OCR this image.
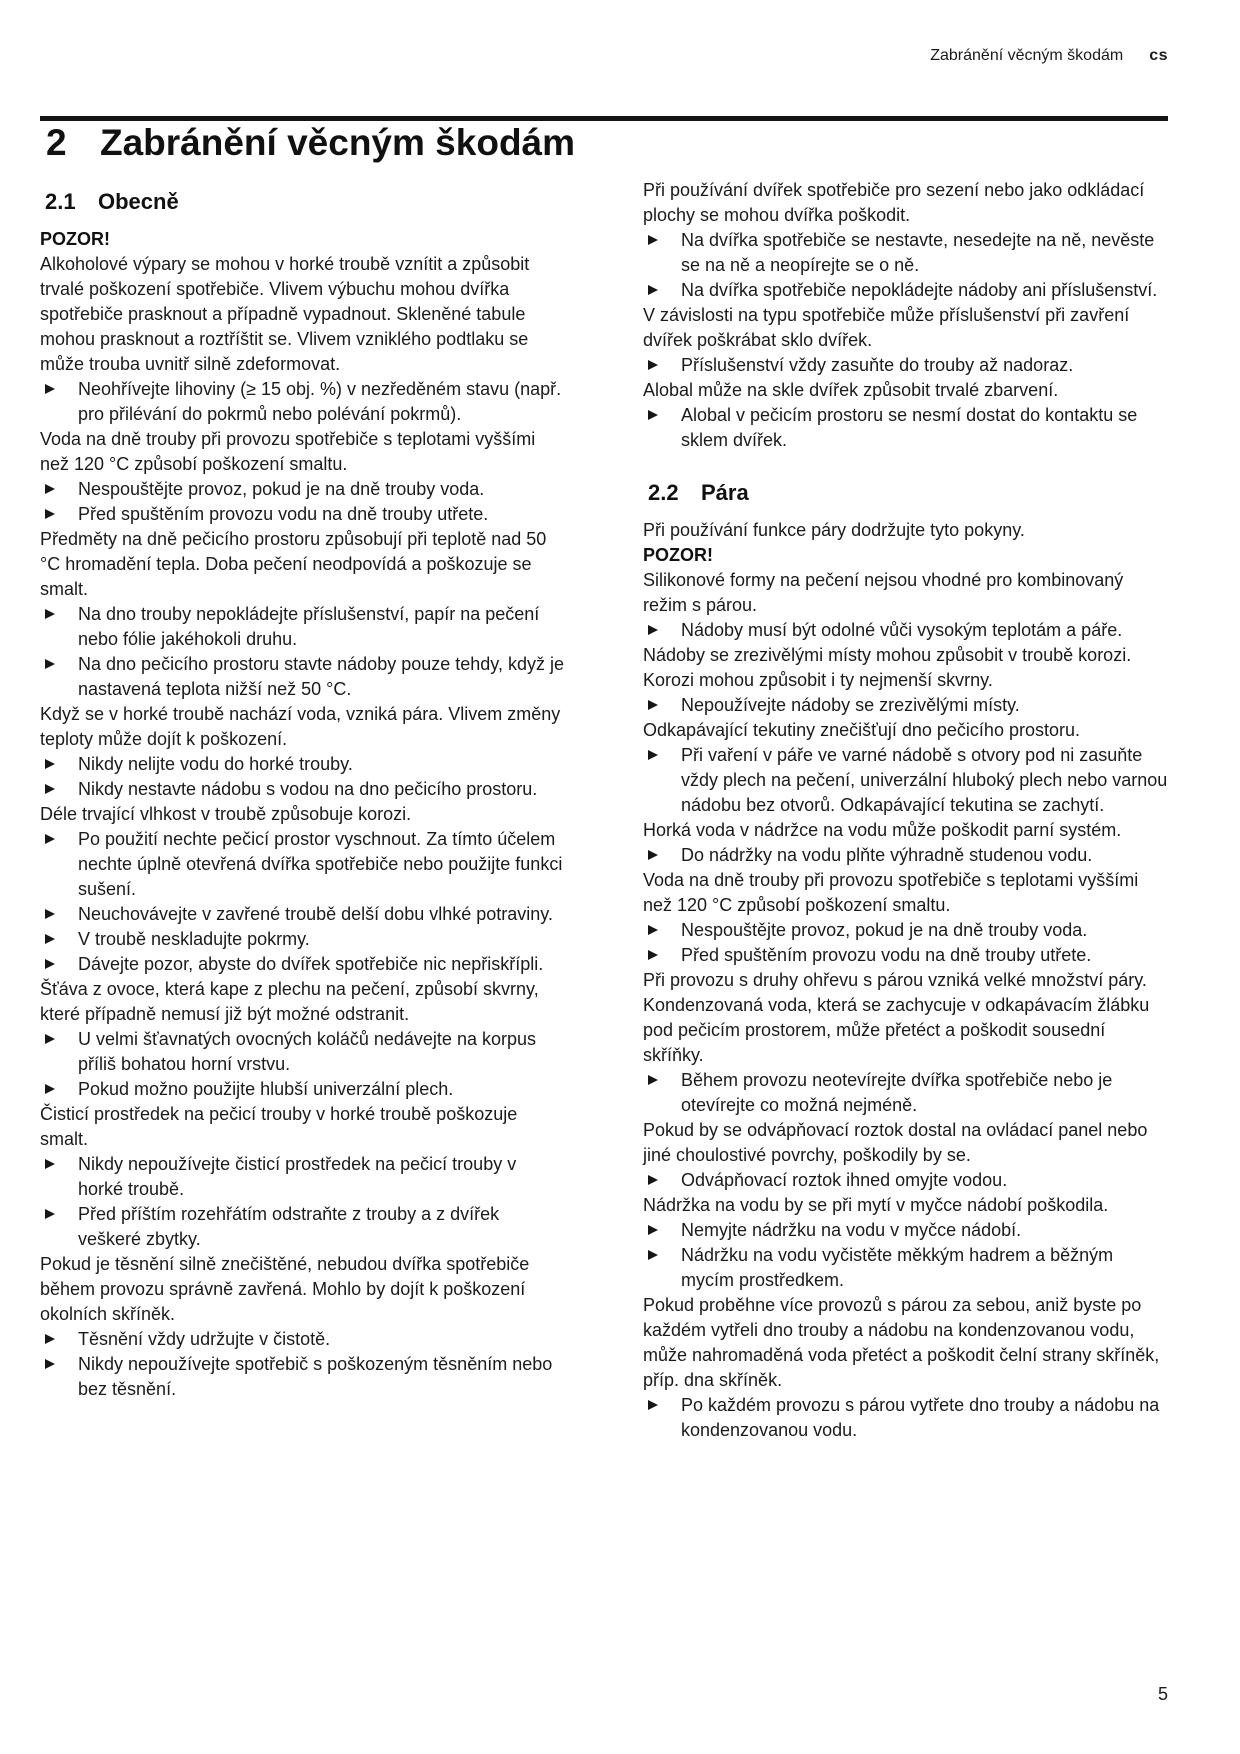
Zabránění věcným škodám cs
2 Zabránění věcným škodám
2.1 Obecně

POZOR!

Alkoholové výpary se mohou v horké troubě vznítit a způsobit trvalé poškození spotřebiče. Vlivem výbuchu mohou dvířka spotřebiče prasknout a případně vypadnout. Skleněné tabule mohou prasknout a roztříštit se. Vlivem vzniklého podtlaku se může trouba uvnitř silně zdeformovat.

Neohřívejte lihoviny (≥ 15 obj. %) v nezředěném stavu (např. pro přilévání do pokrmů nebo polévání pokrmů).

Voda na dně trouby při provozu spotřebiče s teplotami vyššími než 120 °C způsobí poškození smaltu.

Nespouštějte provoz, pokud je na dně trouby voda.
Před spuštěním provozu vodu na dně trouby utřete.

Předměty na dně pečicího prostoru způsobují při teplotě nad 50 °C hromadění tepla. Doba pečení neodpovídá a poškozuje se smalt.

Na dno trouby nepokládejte příslušenství, papír na pečení nebo fólie jakéhokoli druhu.
Na dno pečicího prostoru stavte nádoby pouze tehdy, když je nastavená teplota nižší než 50 °C.

Když se v horké troubě nachází voda, vzniká pára. Vlivem změny teploty může dojít k poškození.

Nikdy nelijte vodu do horké trouby.
Nikdy nestavte nádobu s vodou na dno pečicího prostoru.

Déle trvající vlhkost v troubě způsobuje korozi.

Po použití nechte pečicí prostor vyschnout. Za tímto účelem nechte úplně otevřená dvířka spotřebiče nebo použijte funkci sušení.
Neuchovávejte v zavřené troubě delší dobu vlhké potraviny.
V troubě neskladujte pokrmy.
Dávejte pozor, abyste do dvířek spotřebiče nic nepřiskřípli.

Šťáva z ovoce, která kape z plechu na pečení, způsobí skvrny, které případně nemusí již být možné odstranit.

U velmi šťavnatých ovocných koláčů nedávejte na korpus příliš bohatou horní vrstvu.
Pokud možno použijte hlubší univerzální plech.

Čisticí prostředek na pečicí trouby v horké troubě poškozuje smalt.

Nikdy nepoužívejte čisticí prostředek na pečicí trouby v horké troubě.
Před příštím rozehřátím odstraňte z trouby a z dvířek veškeré zbytky.

Pokud je těsnění silně znečištěné, nebudou dvířka spotřebiče během provozu správně zavřená. Mohlo by dojít k poškození okolních skříněk.

Těsnění vždy udržujte v čistotě.
Nikdy nepoužívejte spotřebič s poškozeným těsněním nebo bez těsnění.

Při používání dvířek spotřebiče pro sezení nebo jako odkládací plochy se mohou dvířka poškodit.

Na dvířka spotřebiče se nestavte, nesedejte na ně, nevěste se na ně a neopírejte se o ně.
Na dvířka spotřebiče nepokládejte nádoby ani příslušenství.

V závislosti na typu spotřebiče může příslušenství při zavření dvířek poškrábat sklo dvířek.

Příslušenství vždy zasuňte do trouby až nadoraz.

Alobal může na skle dvířek způsobit trvalé zbarvení.

Alobal v pečicím prostoru se nesmí dostat do kontaktu se sklem dvířek.
2.2 Pára

Při používání funkce páry dodržujte tyto pokyny.

POZOR!

Silikonové formy na pečení nejsou vhodné pro kombinovaný režim s párou.

Nádoby musí být odolné vůči vysokým teplotám a páře.

Nádoby se zrezivělými místy mohou způsobit v troubě korozi. Korozi mohou způsobit i ty nejmenší skvrny.

Nepoužívejte nádoby se zrezivělými místy.

Odkapávající tekutiny znečišťují dno pečicího prostoru.

Při vaření v páře ve varné nádobě s otvory pod ni zasuňte vždy plech na pečení, univerzální hluboký plech nebo varnou nádobu bez otvorů. Odkapávající tekutina se zachytí.

Horká voda v nádržce na vodu může poškodit parní systém.

Do nádržky na vodu plňte výhradně studenou vodu.

Voda na dně trouby při provozu spotřebiče s teplotami vyššími než 120 °C způsobí poškození smaltu.

Nespouštějte provoz, pokud je na dně trouby voda.
Před spuštěním provozu vodu na dně trouby utřete.

Při provozu s druhy ohřevu s párou vzniká velké množství páry. Kondenzovaná voda, která se zachycuje v odkapávacím žlábku pod pečicím prostorem, může přetéct a poškodit sousední skříňky.

Během provozu neotevírejte dvířka spotřebiče nebo je otevírejte co možná nejméně.

Pokud by se odvápňovací roztok dostal na ovládací panel nebo jiné choulostivé povrchy, poškodily by se.

Odvápňovací roztok ihned omyjte vodou.

Nádržka na vodu by se při mytí v myčce nádobí poškodila.

Nemyjte nádržku na vodu v myčce nádobí.
Nádržku na vodu vyčistěte měkkým hadrem a běžným mycím prostředkem.

Pokud proběhne více provozů s párou za sebou, aniž byste po každém vytřeli dno trouby a nádobu na kondenzovanou vodu, může nahromaděná voda přetéct a poškodit čelní strany skříněk, příp. dna skříněk.

Po každém provozu s párou vytřete dno trouby a nádobu na kondenzovanou vodu.
5
